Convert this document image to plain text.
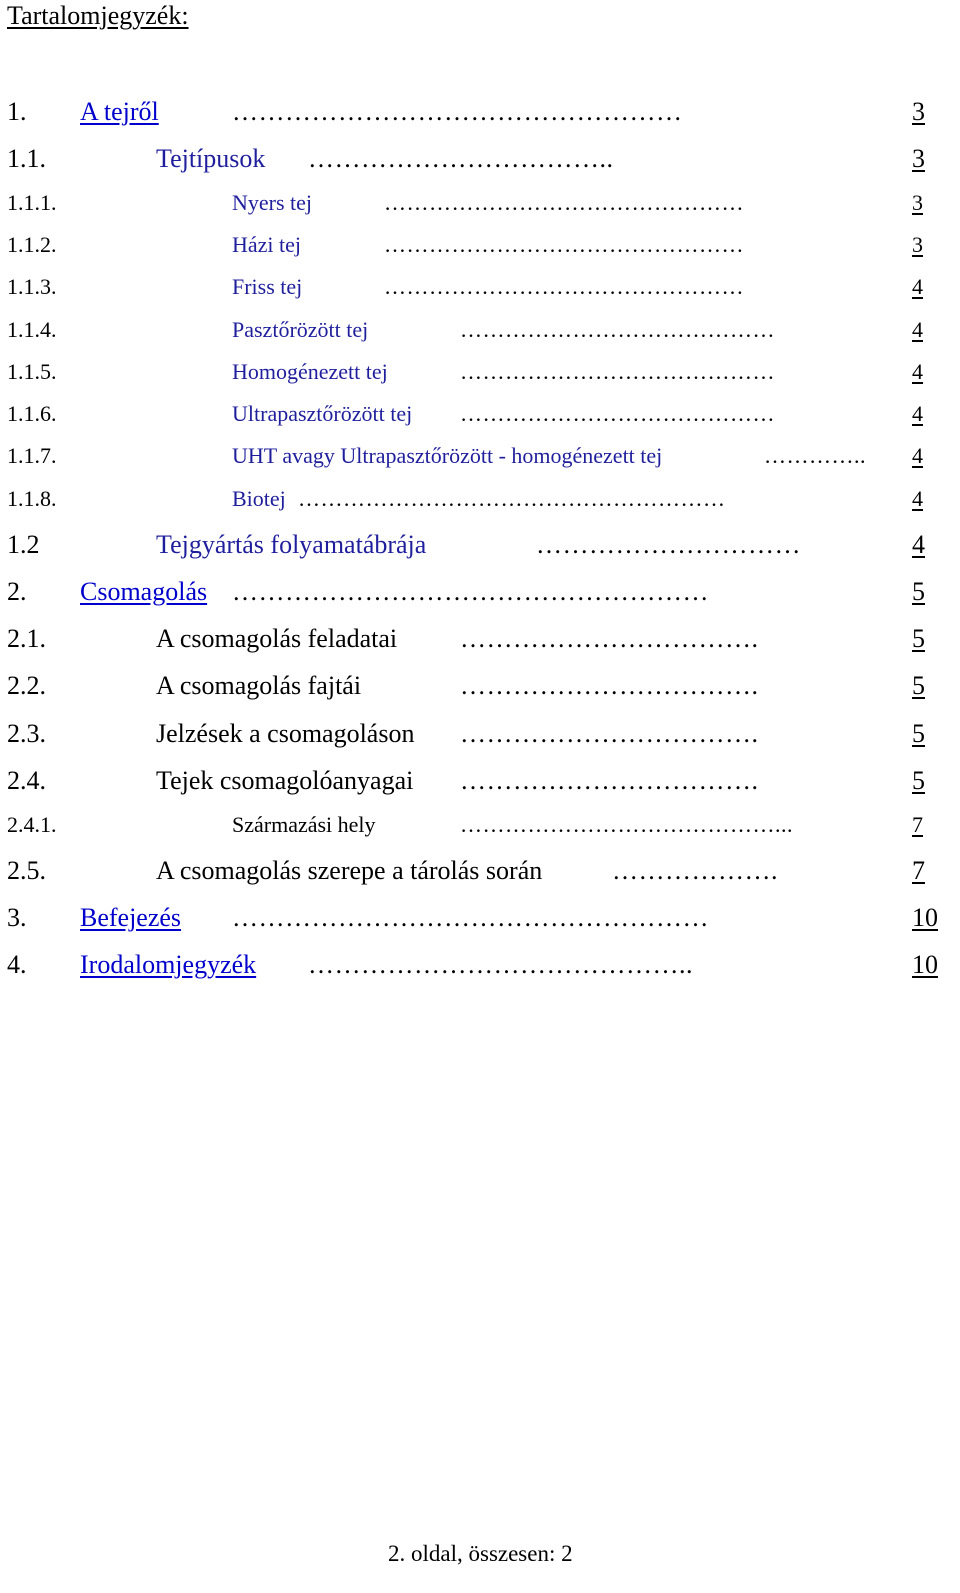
Tartalomjegyzék:
1. A tejről	……………………………………………	3
1.1.	Tejtípusok ……………………………..	3
1.1.1.	Nyers tej	…………………………………………	3
1.1.2.	Házi tej	…………………………………………	3
1.1.3.	Friss tej	…………………………………………	4
1.1.4.	Pasztőrözött tej	……………………………………	4
1.1.5.	Homogénezett tej	……………………………………	4
1.1.6.	Ultrapasztőrözött tej ……………………………………	4
1.1.7.	UHT avagy Ultrapasztőrözött - homogénezett tej	………….. 4
1.1.8.	Biotej …………………………………………………	4
1.2	Tejgyártás folyamatábrája	…………………………	4
2. Csomagolás ………………………………………………	5
2.1.	A csomagolás feladatai …………………………….	5
2.2.	A csomagolás fajtái	…………………………….	5
2.3.	Jelzések a csomagoláson …………………………….	5
2.4.	Tejek csomagolóanyagai …………………………….	5
2.4.1.	Származási hely	……………………………………...	7
2.5.	A csomagolás szerepe a tárolás során	……………….	7
3. Befejezés ………………………………………………	10
4. Irodalomjegyzék ……………………………………..	10
2. oldal, összesen: 2
